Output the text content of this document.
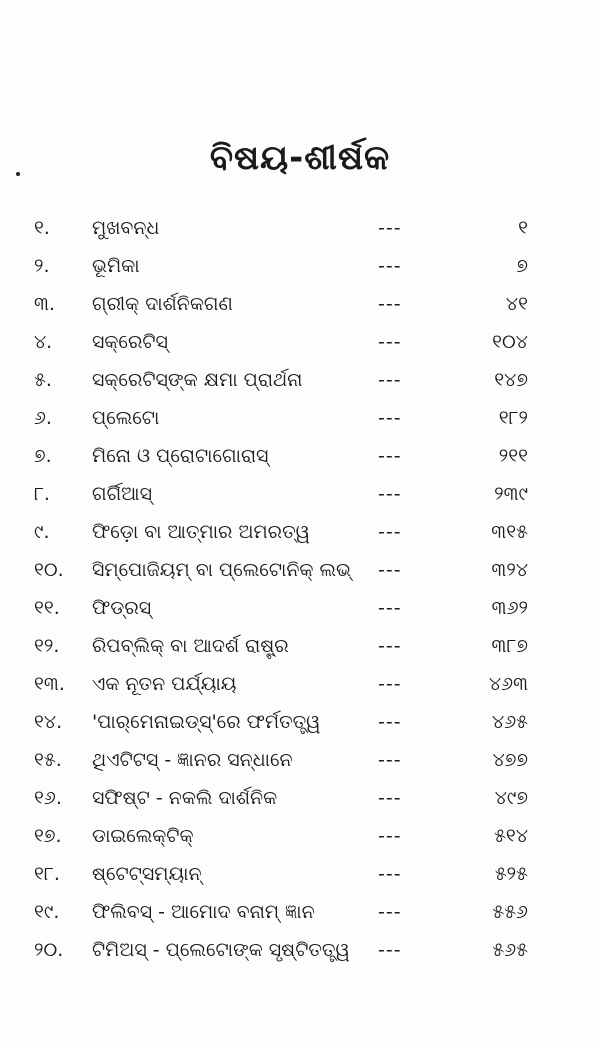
ବିଷୟ-ଶୀର୍ଷକ
୧. ମୁଖବନ୍ଧ	---	୧
୨. ଭୂମିକା	---	୭
୩. ଗ୍ରୀକ୍ ଦାର୍ଶନିକଗଣ	---	୪୧
୪. ସକ୍ରେଟିସ୍	---	୧୦୪
୫. ସକ୍ରେଟିସ୍‌ଙ୍କ କ୍ଷମା ପ୍ରାର୍ଥନା	---	୧୪୭
୬. ପ୍ଲେଟୋ	---	୧୮୨
୭. ମିନୋ ଓ ପ୍ରୋଟାଗୋରାସ୍	---	୨୧୧
୮. ଗର୍ଗିଆସ୍	---	୨୩୯
୯. ଫିଡ଼ୋ ବା ଆତ୍ମାର ଅମରତ୍ୱ	---	୩୧୫
୧୦. ସିମ୍ପୋଜିୟମ୍ ବା ପ୍ଲେଟୋନିକ୍ ଲଭ୍ ---	୩୨୪
୧୧. ଫିଡ୍ରସ୍	---	୩୬୨
୧୨. ରିପବ୍ଲିକ୍ ବା ଆଦର୍ଶ ରାଷ୍ଟ୍ର	---	୩୮୭
୧୩. ଏକ ନୂତନ ପର୍ଯ୍ୟାୟ	---	୪୬୩
୧୪. 'ପାର୍‌ମେନାଇଡ୍‌ସ୍'ରେ ଫର୍ମତତ୍ତ୍ୱ	---	୪୬୫
୧୫. ଥିଏଟିଟସ୍ - ଜ୍ଞାନର ସନ୍ଧାନେ	---	୪୭୭
୧୬. ସଫିଷ୍ଟ - ନକଲି ଦାର୍ଶନିକ	---	୪୯୭
୧୭. ଡାଇଲେକ୍ଟିକ୍	---	୫୧୪
୧୮. ଷ୍ଟେଟ୍ସମ୍ୟାନ୍	---	୫୨୫
୧୯. ଫିଲିବସ୍ - ଆମୋଦ ବନାମ୍ ଜ୍ଞାନ	---	୫୫୬
୨୦. ଟିମିଅସ୍ - ପ୍ଲେଟୋଙ୍କ ସୃଷ୍ଟିତତ୍ତ୍ୱ ---	୫୬୫
